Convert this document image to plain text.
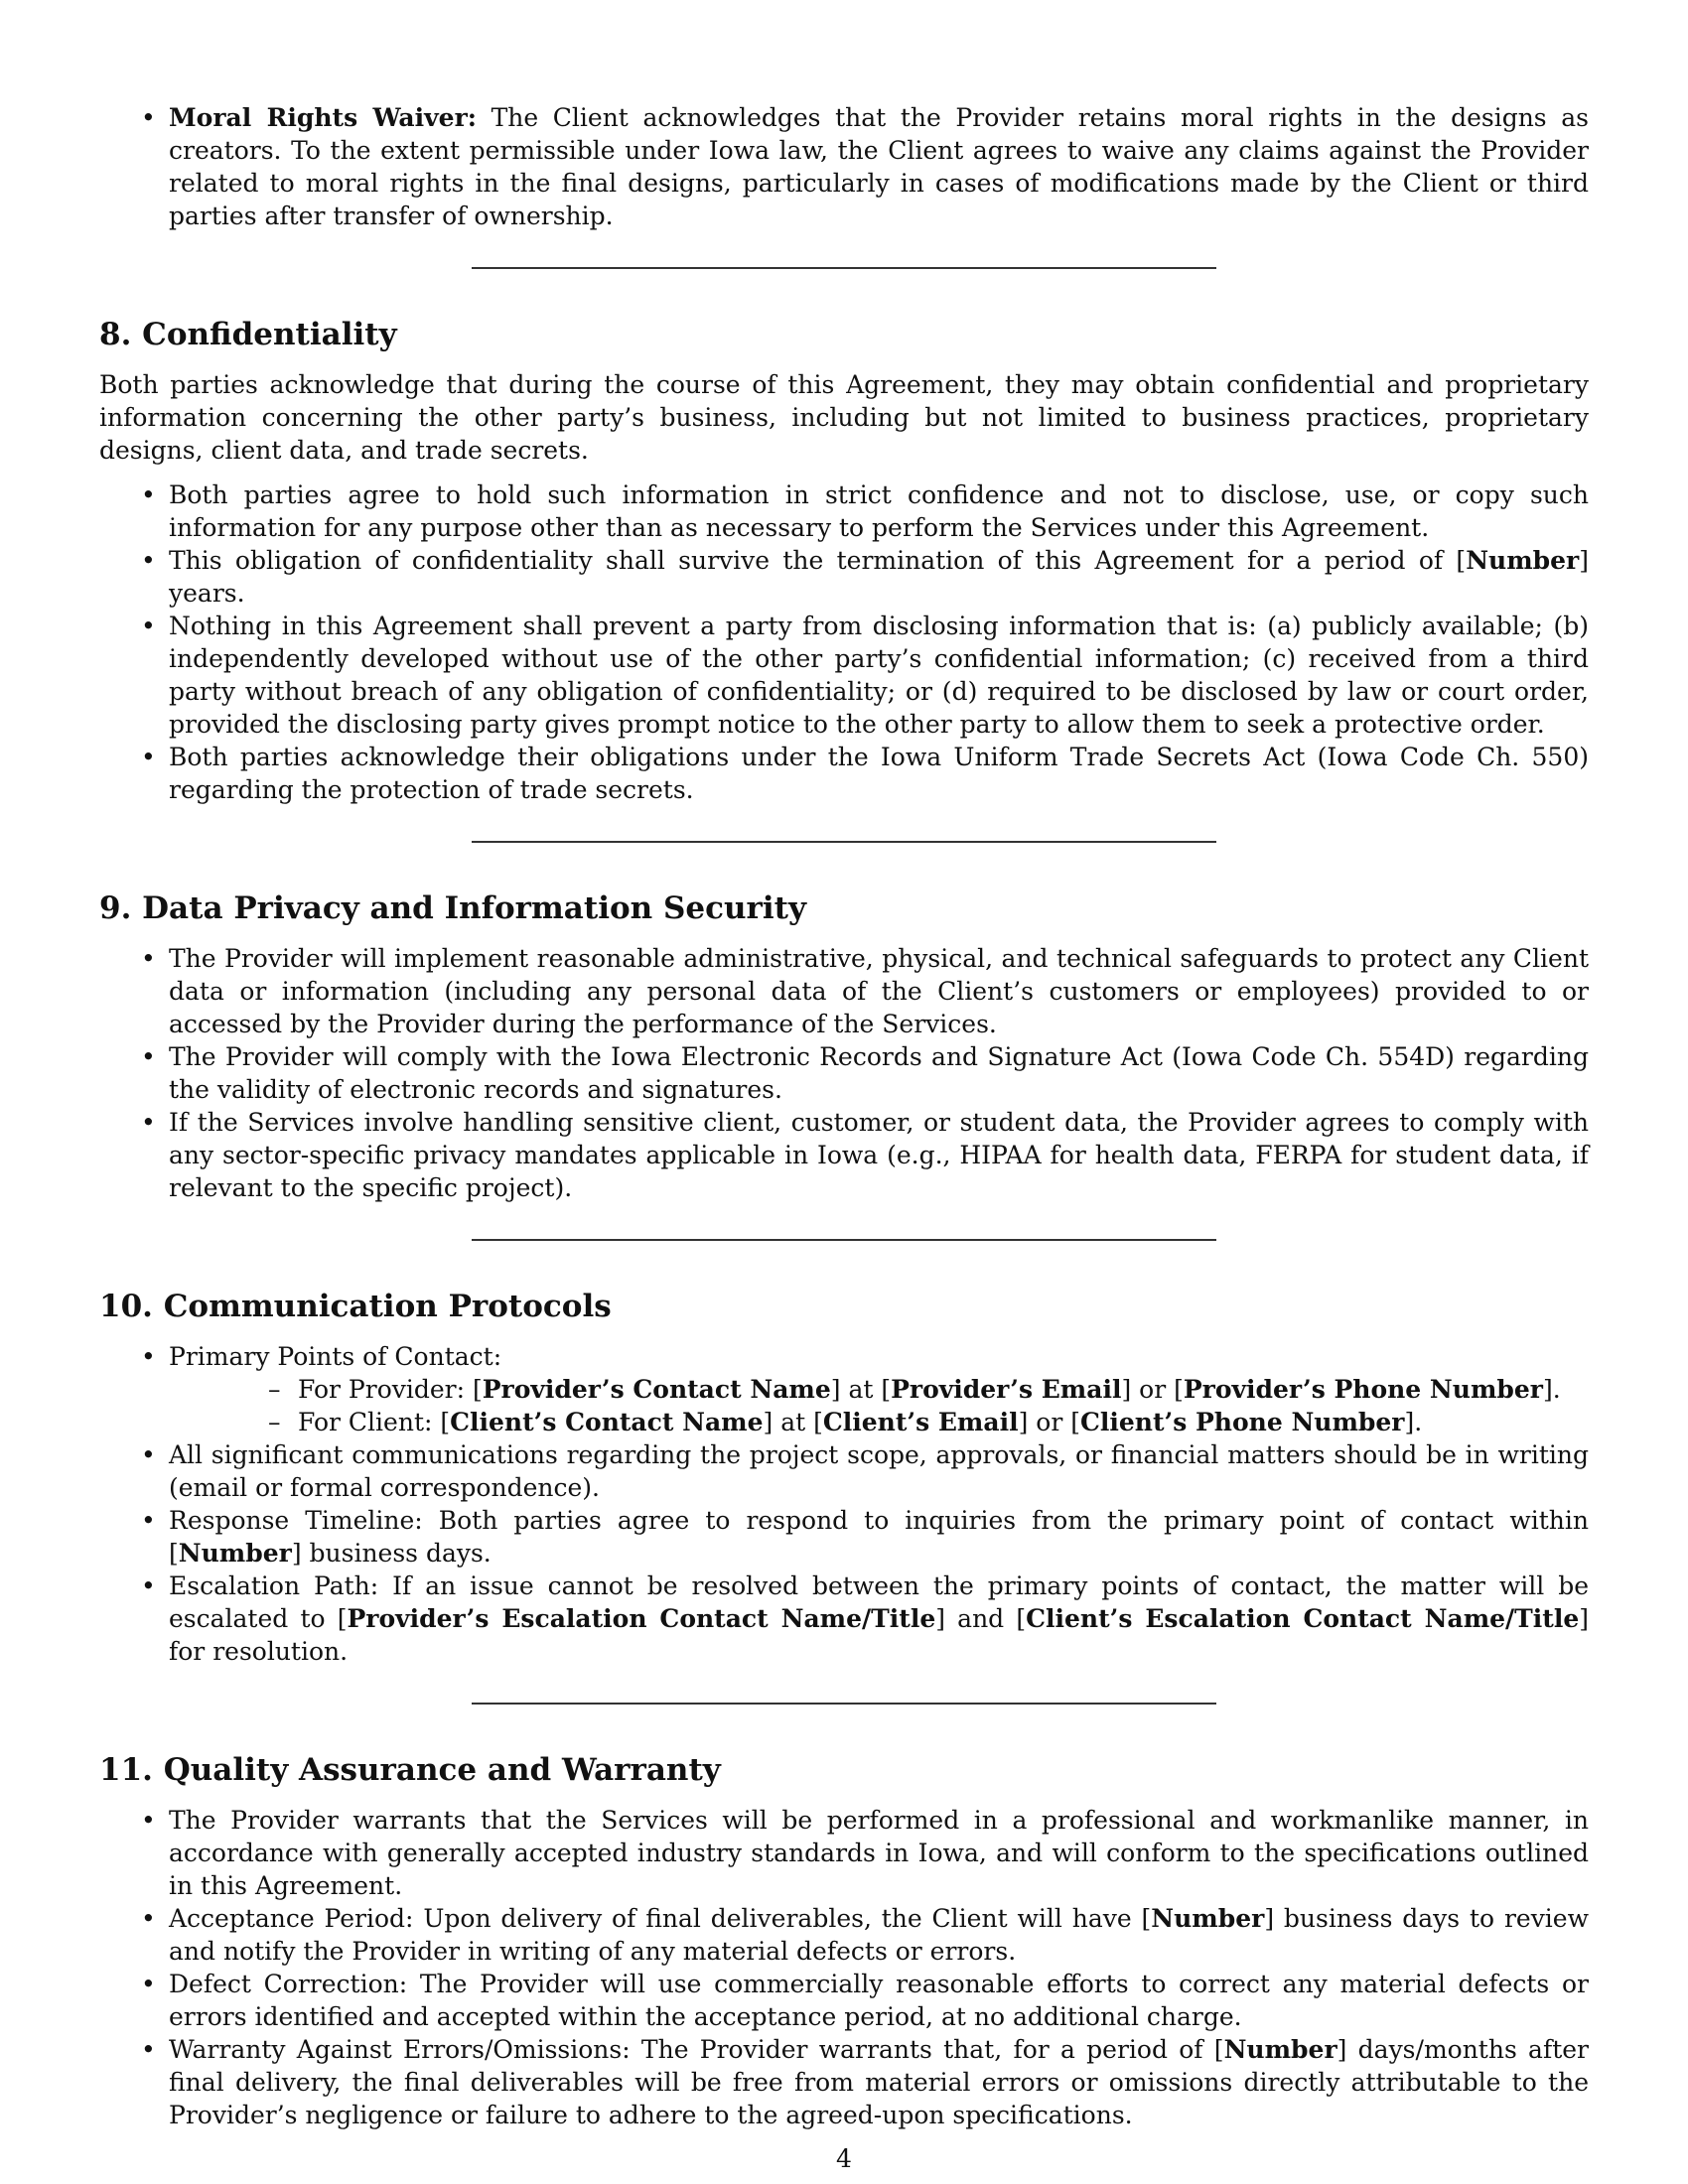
• Moral Rights Waiver: The Client acknowledges that the Provider retains moral rights in the designs as creators. To the extent permissible under Iowa law, the Client agrees to waive any claims against the Provider related to moral rights in the final designs, particularly in cases of modifications made by the Client or third parties after transfer of ownership.
8. Confidentiality

Both parties acknowledge that during the course of this Agreement, they may obtain confidential and proprietary information concerning the other party’s business, including but not limited to business practices, proprietary designs, client data, and trade secrets.

• Both parties agree to hold such information in strict confidence and not to disclose, use, or copy such information for any purpose other than as necessary to perform the Services under this Agreement.
• This obligation of confidentiality shall survive the termination of this Agreement for a period of [Number] years.
• Nothing in this Agreement shall prevent a party from disclosing information that is: (a) publicly available; (b) independently developed without use of the other party’s confidential information; (c) received from a third party without breach of any obligation of confidentiality; or (d) required to be disclosed by law or court order, provided the disclosing party gives prompt notice to the other party to allow them to seek a protective order.
• Both parties acknowledge their obligations under the Iowa Uniform Trade Secrets Act (Iowa Code Ch. 550) regarding the protection of trade secrets.
9. Data Privacy and Information Security
• The Provider will implement reasonable administrative, physical, and technical safeguards to protect any Client data or information (including any personal data of the Client’s customers or employees) provided to or accessed by the Provider during the performance of the Services.
• The Provider will comply with the Iowa Electronic Records and Signature Act (Iowa Code Ch. 554D) regarding the validity of electronic records and signatures.
• If the Services involve handling sensitive client, customer, or student data, the Provider agrees to comply with any sector-specific privacy mandates applicable in Iowa (e.g., HIPAA for health data, FERPA for student data, if relevant to the specific project).
10. Communication Protocols
• Primary Points of Contact:
– For Provider: [Provider’s Contact Name] at [Provider’s Email] or [Provider’s Phone Number].
– For Client: [Client’s Contact Name] at [Client’s Email] or [Client’s Phone Number].
• All significant communications regarding the project scope, approvals, or financial matters should be in writing (email or formal correspondence).
• Response Timeline: Both parties agree to respond to inquiries from the primary point of contact within [Number] business days.
• Escalation Path: If an issue cannot be resolved between the primary points of contact, the matter will be escalated to [Provider’s Escalation Contact Name/Title] and [Client’s Escalation Contact Name/Title] for resolution.
11. Quality Assurance and Warranty
• The Provider warrants that the Services will be performed in a professional and workmanlike manner, in accordance with generally accepted industry standards in Iowa, and will conform to the specifications outlined in this Agreement.
• Acceptance Period: Upon delivery of final deliverables, the Client will have [Number] business days to review and notify the Provider in writing of any material defects or errors.
• Defect Correction: The Provider will use commercially reasonable efforts to correct any material defects or errors identified and accepted within the acceptance period, at no additional charge.
• Warranty Against Errors/Omissions: The Provider warrants that, for a period of [Number] days/months after final delivery, the final deliverables will be free from material errors or omissions directly attributable to the Provider’s negligence or failure to adhere to the agreed-upon specifications.
4
